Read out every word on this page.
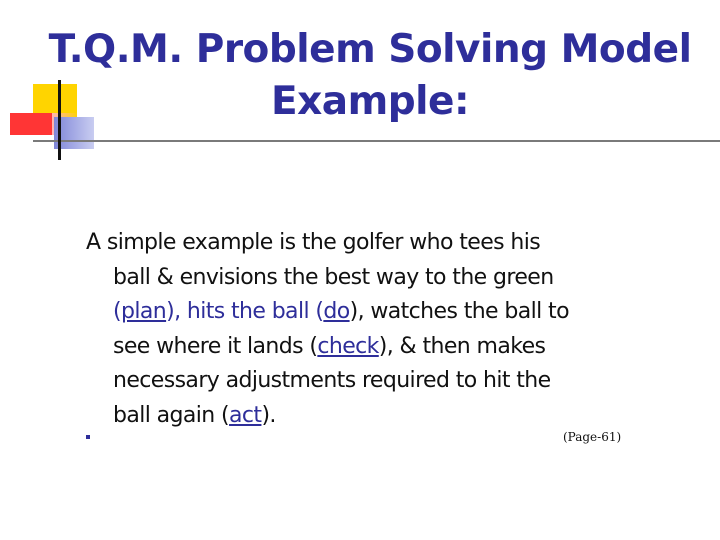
T.Q.M. Problem Solving Model
Example:
A simple example is the golfer who tees his
ball & envisions the best way to the green
(plan), hits the ball (do), watches the ball to
see where it lands (check), & then makes
necessary adjustments required to hit the
ball again (act).
(Page-61)
